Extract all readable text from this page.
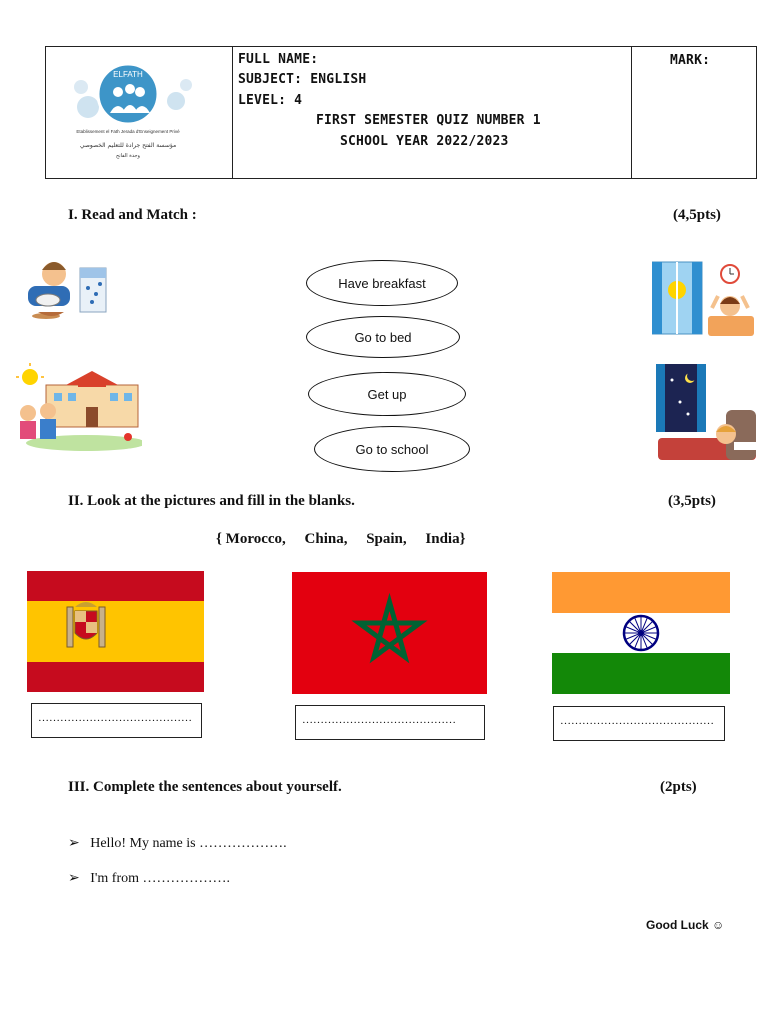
ELFATH
Etablissement el Fath Jerada d'Enseignement Privé
مؤسسة الفتح جرادة للتعليم الخصوصي
وجدة الفاتح
FULL NAME:
SUBJECT: ENGLISH
LEVEL: 4
FIRST SEMESTER QUIZ NUMBER 1
SCHOOL YEAR 2022/2023
MARK:
I. Read and Match :	(4,5pts)
Have breakfast
Go to bed
Get up
Go to school
II. Look at the pictures and fill in the blanks.	(3,5pts)
{ Morocco,     China,     Spain,     India}
……………………………………	……………………………………	……………………………………
III. Complete the sentences about yourself.	(2pts)
➢ Hello! My name is ……………….
➢ I'm from ……………….
Good Luck ☺
